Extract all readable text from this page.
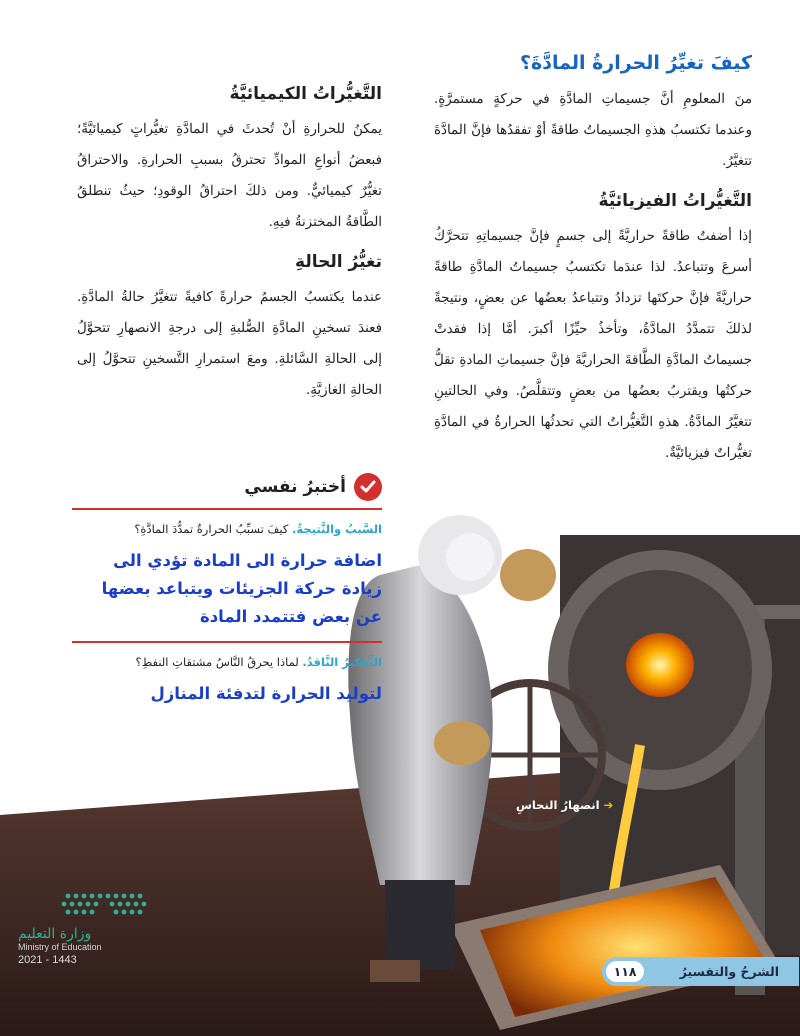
كيفَ تغيِّرُ الحرارةُ المادَّةَ؟

منَ المعلومِ أنَّ جسيماتِ المادَّةِ في حركةٍ مستمرَّةٍ. وعندما تكتسبُ هذهِ الجسيماتُ طاقةً أوْ تفقدُها فإنَّ المادَّةَ تتغيَّرُ.

التَّغيُّراتُ الفيزيائيَّةُ

إذا أضفتُ طاقةً حراريَّةً إلى جسمٍ فإنَّ جسيماتِهِ تتحرَّكُ أسرعَ وتتباعدُ. لذا عندَما تكتسبُ جسيماتُ المادَّةِ طاقةً حراريَّةً فإنَّ حركتَها تزدادُ وتتباعدُ بعضُها عن بعضٍ، ونتيجةً لذلكَ تتمدَّدُ المادَّةُ، وتأخذُ حيِّزًا أكبرَ. أمَّا إذا فقدتْ جسيماتُ المادَّةِ الطَّاقةَ الحراريَّةَ فإنَّ جسيماتِ المادةِ تقلُّ حركتُها ويقتربُ بعضُها من بعضٍ وتتقلَّصُ. وفي الحالتينِ تتغيَّرُ المادَّةُ. هذهِ التَّغيُّراتُ التي تحدثُها الحرارةُ في المادَّةِ تغيُّراتٌ فيزيائيَّةٌ.

التَّغيُّراتُ الكيميائيَّةُ

يمكنُ للحرارةِ أنْ تُحدثَ في المادَّةِ تغيُّراتٍ كيميائيَّةً؛ فبعضُ أنواعِ الموادِّ تحترقُ بسببِ الحرارةِ. والاحتراقُ تغيُّرٌ كيميائيٌّ. ومن ذلكَ احتراقُ الوقودِ؛ حيثُ تنطلقُ الطَّاقةُ المختزنةُ فيهِ.

تغيُّرُ الحالةِ

عندما يكتسبُ الجسمُ حرارةً كافيةً تتغيَّرُ حالةُ المادَّةِ. فعندَ تسخينِ المادَّةِ الصُّلبةِ إلى درجةِ الانصهارِ تتحوَّلُ إلى الحالةِ السَّائلةِ. ومعَ استمرارِ التَّسخينِ تتحوَّلُ إلى الحالةِ الغازيَّةِ.

أختبرُ نفسي
السَّببُ والنَّتيجةُ. كيفَ تسبِّبُ الحرارةُ تمدُّدَ المادَّةِ؟
اضافة حرارة الى المادة تؤدي الى زيادة حركة الجزيئات ويتباعد بعضها عن بعض فتتمدد المادة
التَّفكيرُ النَّاقدُ. لماذا يحرقُ النَّاسُ مشتقاتِ النفطِ؟
لتوليد الحرارة لتدفئة المنازل
➔
انصهارُ النحاسِ
الشرحُ والتفسيرُ
١١٨
وزارة التعليم
Ministry of Education
2021 - 1443
